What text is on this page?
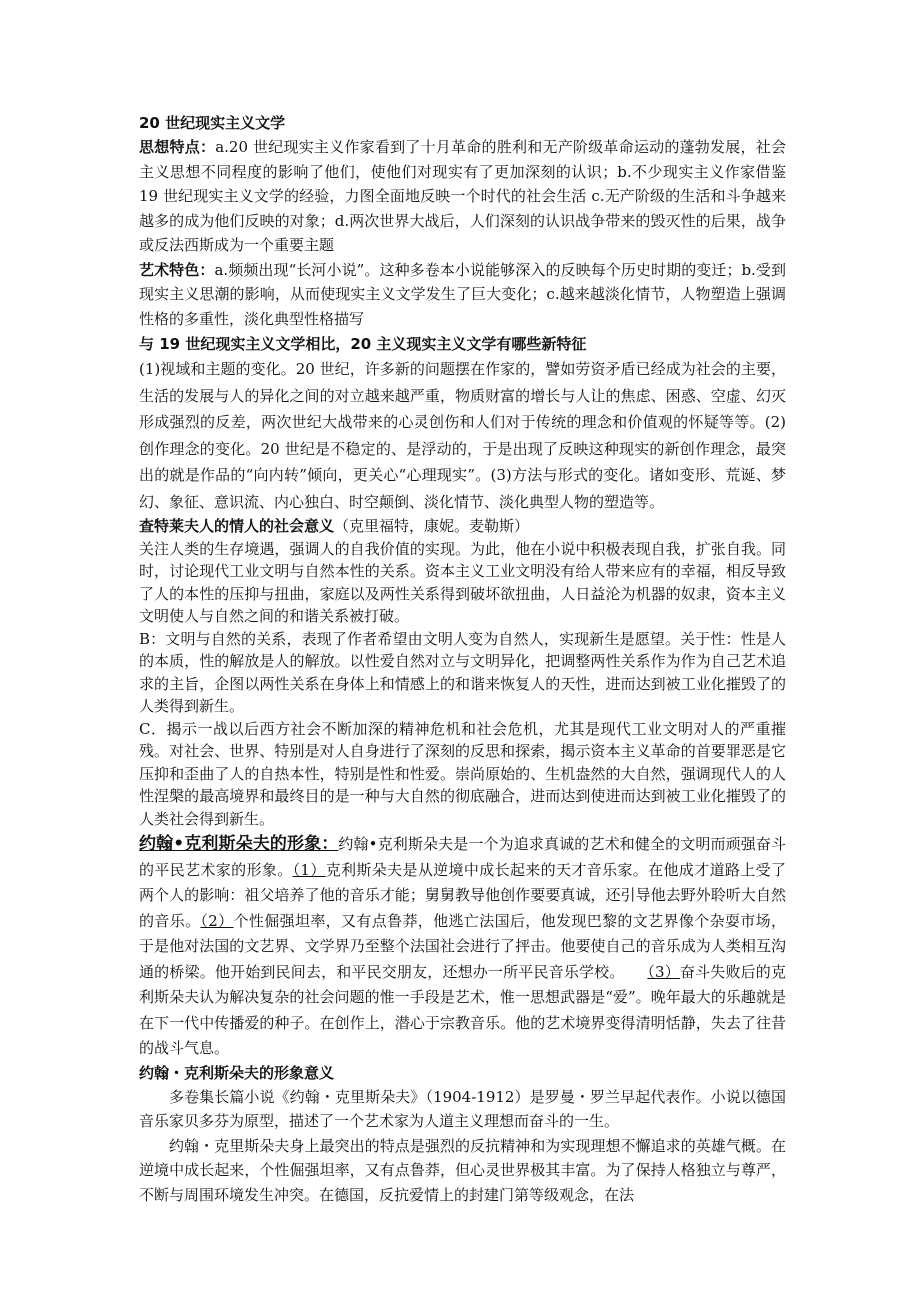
20 世纪现实主义文学

思想特点：a.20 世纪现实主义作家看到了十月革命的胜利和无产阶级革命运动的蓬勃发展，社会主义思想不同程度的影响了他们，使他们对现实有了更加深刻的认识；b.不少现实主义作家借鉴 19 世纪现实主义文学的经验，力图全面地反映一个时代的社会生活 c.无产阶级的生活和斗争越来越多的成为他们反映的对象；d.两次世界大战后，人们深刻的认识战争带来的毁灭性的后果，战争或反法西斯成为一个重要主题

艺术特色：a.频频出现“长河小说”。这种多卷本小说能够深入的反映每个历史时期的变迁；b.受到现实主义思潮的影响，从而使现实主义文学发生了巨大变化；c.越来越淡化情节，人物塑造上强调性格的多重性，淡化典型性格描写

与 19 世纪现实主义文学相比，20 主义现实主义文学有哪些新特征

(1)视域和主题的变化。20 世纪，许多新的问题摆在作家的，譬如劳资矛盾已经成为社会的主要，生活的发展与人的异化之间的对立越来越严重，物质财富的增长与人让的焦虑、困惑、空虚、幻灭形成强烈的反差，两次世纪大战带来的心灵创伤和人们对于传统的理念和价值观的怀疑等等。(2)创作理念的变化。20 世纪是不稳定的、是浮动的，于是出现了反映这种现实的新创作理念，最突出的就是作品的“向内转”倾向，更关心“心理现实”。(3)方法与形式的变化。诸如变形、荒诞、梦幻、象征、意识流、内心独白、时空颠倒、淡化情节、淡化典型人物的塑造等。

查特莱夫人的情人的社会意义（克里福特，康妮。麦勒斯）

关注人类的生存境遇，强调人的自我价值的实现。为此，他在小说中积极表现自我，扩张自我。同时，讨论现代工业文明与自然本性的关系。资本主义工业文明没有给人带来应有的幸福，相反导致了人的本性的压抑与扭曲，家庭以及两性关系得到破坏欲扭曲，人日益沦为机器的奴隶，资本主义文明使人与自然之间的和谐关系被打破。

B：文明与自然的关系，表现了作者希望由文明人变为自然人，实现新生是愿望。关于性：性是人的本质，性的解放是人的解放。以性爱自然对立与文明异化，把调整两性关系作为作为自己艺术追求的主旨，企图以两性关系在身体上和情感上的和谐来恢复人的天性，进而达到被工业化摧毁了的人类得到新生。

C．揭示一战以后西方社会不断加深的精神危机和社会危机，尤其是现代工业文明对人的严重摧残。对社会、世界、特别是对人自身进行了深刻的反思和探索，揭示资本主义革命的首要罪恶是它压抑和歪曲了人的自热本性，特别是性和性爱。崇尚原始的、生机盎然的大自然，强调现代人的人性涅槃的最高境界和最终目的是一种与大自然的彻底融合，进而达到使进而达到被工业化摧毁了的人类社会得到新生。

约翰•克利斯朵夫的形象：约翰•克利斯朵夫是一个为追求真诚的艺术和健全的文明而顽强奋斗的平民艺术家的形象。（1）克利斯朵夫是从逆境中成长起来的天才音乐家。在他成才道路上受了两个人的影响：祖父培养了他的音乐才能；舅舅教导他创作要要真诚，还引导他去野外聆听大自然的音乐。（2）个性倔强坦率，又有点鲁莽，他逃亡法国后，他发现巴黎的文艺界像个杂耍市场，于是他对法国的文艺界、文学界乃至整个法国社会进行了抨击。他要使自己的音乐成为人类相互沟通的桥梁。他开始到民间去，和平民交朋友，还想办一所平民音乐学校。　　 （3）奋斗失败后的克利斯朵夫认为解决复杂的社会问题的惟一手段是艺术，惟一思想武器是“爱”。晚年最大的乐趣就是在下一代中传播爱的种子。在创作上，潜心于宗教音乐。他的艺术境界变得清明恬静，失去了往昔的战斗气息。

约翰・克利斯朵夫的形象意义

多卷集长篇小说《约翰・克里斯朵夫》（1904-1912）是罗曼・罗兰早起代表作。小说以德国音乐家贝多芬为原型，描述了一个艺术家为人道主义理想而奋斗的一生。

约翰・克里斯朵夫身上最突出的特点是强烈的反抗精神和为实现理想不懈追求的英雄气概。在逆境中成长起来，个性倔强坦率，又有点鲁莽，但心灵世界极其丰富。为了保持人格独立与尊严，不断与周围环境发生冲突。在德国，反抗爱情上的封建门第等级观念，在法
